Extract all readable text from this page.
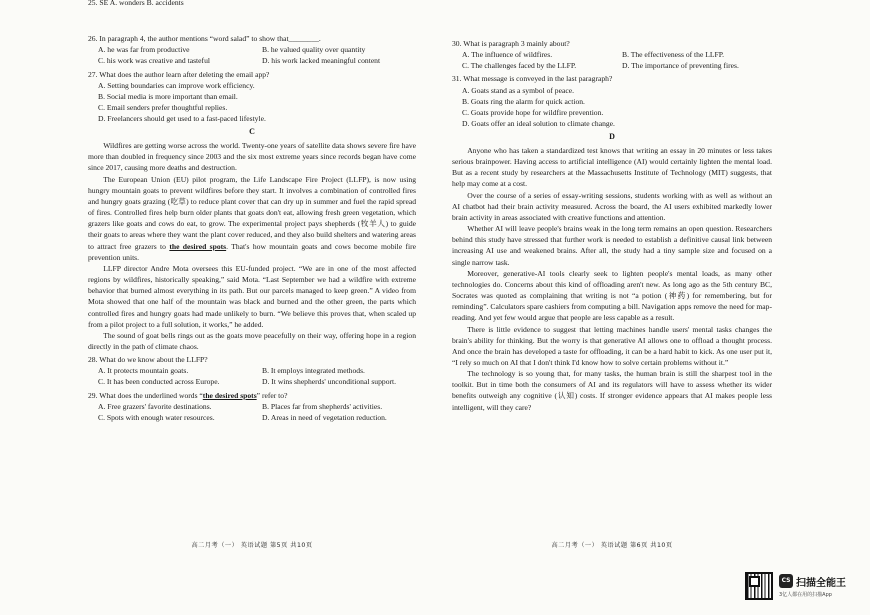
25. SE A. wonders B. accidents
26. In paragraph 4, the author mentions “word salad” to show that________.
A. he was far from productive	B. he valued quality over quantity
C. his work was creative and tasteful	D. his work lacked meaningful content
27. What does the author learn after deleting the email app?
A. Setting boundaries can improve work efficiency.
B. Social media is more important than email.
C. Email senders prefer thoughtful replies.
D. Freelancers should get used to a fast-paced lifestyle.
C
Wildfires are getting worse across the world. Twenty-one years of satellite data shows severe fire have more than doubled in frequency since 2003 and the six most extreme years since records began have come since 2017, causing more deaths and destruction.
The European Union (EU) pilot program, the Life Landscape Fire Project (LLFP), is now using hungry mountain goats to prevent wildfires before they start. It involves a combination of controlled fires and hungry goats grazing (吃草) to reduce plant cover that can dry up in summer and fuel the rapid spread of fires. Controlled fires help burn older plants that goats don't eat, allowing fresh green vegetation, which grazers like goats and cows do eat, to grow. The experimental project pays shepherds (牧羊人) to guide their goats to areas where they want the plant cover reduced, and they also build shelters and watering areas to attract free grazers to the desired spots. That's how mountain goats and cows become mobile fire prevention units.
LLFP director Andre Mota oversees this EU-funded project. “We are in one of the most affected regions by wildfires, historically speaking,” said Mota. “Last September we had a wildfire with extreme behavior that burned almost everything in its path. But our parcels managed to keep green.” A video from Mota showed that one half of the mountain was black and burned and the other green, the parts which controlled fires and hungry goats had made unlikely to burn. “We believe this proves that, when scaled up from a pilot project to a full solution, it works,” he added.
The sound of goat bells rings out as the goats move peacefully on their way, offering hope in a region directly in the path of climate chaos.
28. What do we know about the LLFP?
A. It protects mountain goats.	B. It employs integrated methods.
C. It has been conducted across Europe.	D. It wins shepherds' unconditional support.
29. What does the underlined words “the desired spots” refer to?
A. Free grazers' favorite destinations.	B. Places far from shepherds' activities.
C. Spots with enough water resources.	D. Areas in need of vegetation reduction.
高二月考（一） 英语试题 第5页 共10页
30. What is paragraph 3 mainly about?
A. The influence of wildfires.	B. The effectiveness of the LLFP.
C. The challenges faced by the LLFP.	D. The importance of preventing fires.
31. What message is conveyed in the last paragraph?
A. Goats stand as a symbol of peace.
B. Goats ring the alarm for quick action.
C. Goats provide hope for wildfire prevention.
D. Goats offer an ideal solution to climate change.
D
Anyone who has taken a standardized test knows that writing an essay in 20 minutes or less takes serious brainpower. Having access to artificial intelligence (AI) would certainly lighten the mental load. But as a recent study by researchers at the Massachusetts Institute of Technology (MIT) suggests, that help may come at a cost.
Over the course of a series of essay-writing sessions, students working with as well as without an AI chatbot had their brain activity measured. Across the board, the AI users exhibited markedly lower brain activity in areas associated with creative functions and attention.
Whether AI will leave people's brains weak in the long term remains an open question. Researchers behind this study have stressed that further work is needed to establish a definitive causal link between increasing AI use and weakened brains. After all, the study had a tiny sample size and focused on a single narrow task.
Moreover, generative-AI tools clearly seek to lighten people's mental loads, as many other technologies do. Concerns about this kind of offloading aren't new. As long ago as the 5th century BC, Socrates was quoted as complaining that writing is not “a potion (神药) for remembering, but for reminding”. Calculators spare cashiers from computing a bill. Navigation apps remove the need for map-reading. And yet few would argue that people are less capable as a result.
There is little evidence to suggest that letting machines handle users' mental tasks changes the brain's ability for thinking. But the worry is that generative AI allows one to offload a thought process. And once the brain has developed a taste for offloading, it can be a hard habit to kick. As one user put it, “I rely so much on AI that I don't think I'd know how to solve certain problems without it.”
The technology is so young that, for many tasks, the human brain is still the sharpest tool in the toolkit. But in time both the consumers of AI and its regulators will have to assess whether its wider benefits outweigh any cognitive (认知) costs. If stronger evidence appears that AI makes people less intelligent, will they care?
高二月考（一） 英语试题 第6页 共10页
CS 扫描全能王
3亿人都在用的扫描App
